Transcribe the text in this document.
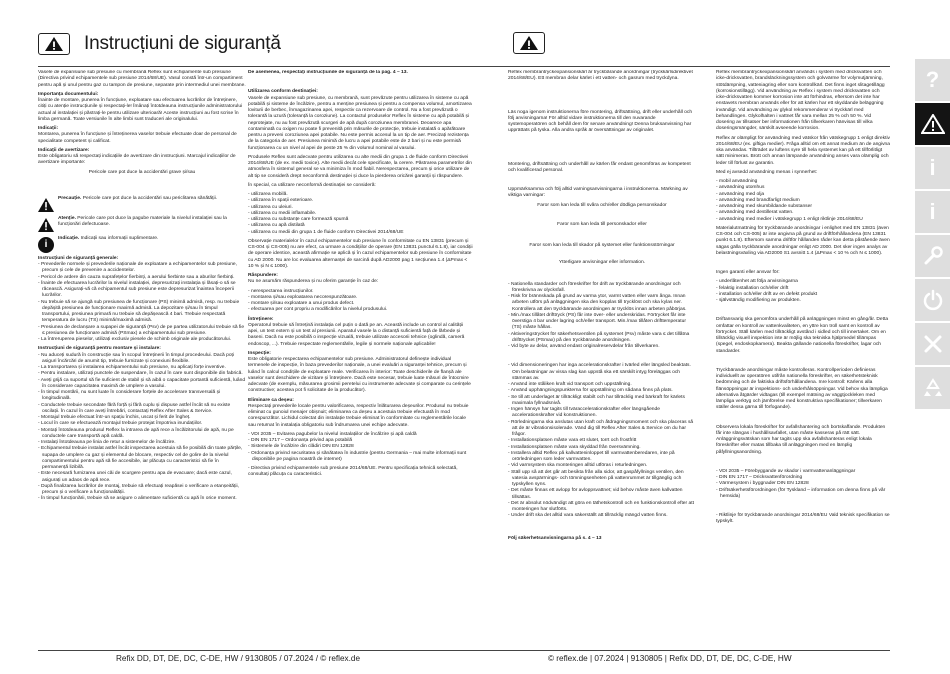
Instrucțiuni de siguranță

Vasele de expansiune sub presiune cu membrană Reflex sunt echipamente sub presiune (Directiva privind echipamentele sub presiune 2014/68/UE). Vasul constă într-un compartiment pentru apă și unul pentru gaz cu tampon de presiune, separate prin intermediul unei membrane.

Importanța documentului:

Înainte de montare, punerea în funcțiune, exploatare sau efectuarea lucrărilor de întreținere, citiți cu atenție instrucțiunile și respectați-le! Îmânați întotdeauna instrucțiunile administratorului actual al instalației și păstrați-le pentru utilizare ulterioară! Aceste instrucțiuni au fost scrise în limba germană. Toate versiunile în alte limbi sunt traduceri ale originalului.

Indicații:

Montarea, punerea în funcțiune și întreținerea vaselor trebuie efectuate doar de personal de specialitate competent și calificat.

Indicații de avertizare:

Este obligatoriu să respectați indicațiile de avertizare din instrucțiuni. Marcajul indicațiilor de avertizare importante:

Pericole care pot duce la accidentări grave și/sau

Precauție. Pericole care pot duce la accidentări sau periclitarea sănătății.
Atenție. Pericole care pot duce la pagube materiale la nivelul instalației sau la funcționări defectuoase.
i
Indicație. Indicații sau informații suplimentare.

Instrucțiuni de siguranță generale:

- Prevederile normele și prevederile naționale de exploatare a echipamentelor sub presiune, precum și cele de prevenire a accidentelor.
- Pericol de ardere din cauza suprafețelor fierbinți, a aerului fierbinte sau a aburilor fierbinți.
- Înainte de efectuarea lucrărilor la nivelul instalației, depresurizați instalația și lăsați-o să se răcească. Asigurați-vă că echipamentul sub presiune este depresurizat înaintea începerii lucrărilor.
- Nu trebuie să se ajungă sub presiunea de funcționare (PS) minimă admisă, resp. nu trebuie depășită presiunea de funcționare maximă admisă. La depozitare și/sau în timpul transportului, presiunea primară nu trebuie să depășească 4 bari. Trebuie respectată temperatura de lucru (TS) minimă/maximă admisă.
- Presiunea de declanșare a supapei de siguranță (Psv) de pe partea utilizatorului trebuie să fie ≤ presiunea de funcționare admisă (PSmax) a echipamentului sub presiune.
- La întreruperea pieselor, utilizați exclusiv piesele de schimb originale ale producătorului.

Instrucțiuni de siguranță pentru montare și instalare:

- Nu aduceți sudură în construcție sau în scopul întreținerii în timpul procedeului. Dacă poți asiguri încărcări de anumit tip, trebuie furnizate și conexiuni flexibile.
- La transportarea și instalarea echipamentului sub presiune, nu aplicați forțe inventive.
- Pentru instalare, utilizați punctele de suspendare, în cazul în care sunt disponibile din fabrică.
- Aveți grijă ca suportul să fie suficient de stabil și să aibă o capacitate portantă suficientă, luând în considerare capacitatea maximă de umplere a vasului.
- În timpul montării, nu sunt luate în considerare forțele de accelerare transversală și longitudinală.
- Conductele trebuie secondate fără forță și fără cuplu și dispuse astfel încât să nu existe oscilații. În cazul în care aveți întrebări, contactați Reflex After Sales & Service.
- Montajul trebuie efectuat într-un spațiu închis, uscat și ferit de îngheț.
- Locul în care se efectuează montajul trebuie protejat împotriva inundațiilor.
- Montați întotdeauna produsul Reflex la intrarea de apă rece a încălzitorului de apă, nu pe conductele care transportă apă caldă.
- Instalați întotdeauna pe linia de retur a sistemelor de încălzire.
- Echipamentul trebuie instalat astfel încât inspectarea acestuia să fie posibilă din toate părțile, supapa de umplere cu gaz și elementul de blocare, respectiv cel de golire de la nivelul compartimentului pentru apă să fie accesibile, iar plăcuța cu caracteristici să fie în permanență lizibilă.
- Este necesară furnizarea unei căi de scurgere pentru apa de evacuare; dacă este cazul, asigurați un adaos de apă rece.
- După finalizarea lucrărilor de montaj, trebuie să efectuați reapăsei o verificare a etanșeității, precum și o verificare a funcționalității.
- În timpul funcționării, trebuie să se asigure o alimentare suficientă cu apă în orice moment.

De asemenea, respectați instrucțiunile de siguranță de la pag. 4 – 13.

Utilizarea conform destinației:

Vasele de expansiune sub presiune, cu membrană, sunt prevăzute pentru utilizarea în sisteme cu apă potabilă și sisteme de încălzire, pentru a menține presiunea și pentru a compensa volumul, amortizarea loviturii de berbec, înmagazinarea apei, respectiv ca rezervoare de control. Nu a fost prevăzută o tolerantă la uzură (toleranță la coroziune). La contactul produselor Reflex în sisteme cu apă potabilă și neprotejate, nu au fost prevăzută scurgeri de apă după coroziunea membranei. Deoarece apa contaminată cu oxigen nu poate fi prevenită prin măsurile de protecție, trebuie instalată o apărătoare pentru a preveni coroziunea apei potabile. Nu este permis accesul la un tip de aer. Precizați rezistența de la categoria de aer. Presiunea minimă de lucru a apei potabile este de 2 bari și nu este permisă funcționarea cu un nivel al apei de peste 25 % din volumul nominal al vasului.

Produsele Reflex sunt adecvate pentru utilizarea cu alte medii din grupa 1 de fluide conform Directivei 2014/68/UE (de ex. medii toxice). Alte medii decât cele specificate, la cerere. Păstrarea parametrilor din atmosfera în sistemul general se va minimiza în mod fiabil. Nerespectarea, precum și orice utilizare de alt tip se consideră drept neconformă destinației și duce la pierderea oricărei garanții și răspundere.

În special, ca utilizare neconformă destinației se consideră:

- utilizarea mobilă.
- utilizarea în spații exterioare.
- utilizarea cu uleiuri.
- utilizarea cu medii inflamabile.
- utilizarea cu substanțe care formează spumă
- utilizarea cu apă distilată
- utilizarea cu medii din grupa 1 de fluide conform Directivei 2014/68/UE

Observație materialelor în cazul echipamentelor sub presiune în conformitate cu EN 13831 (precum și CS-004 și CS-005) nu are efect, ca urmare a condițiilor de operare (EN 13831 punctul 6.1.8), iar condiții de operare identice, această afirmație se aplică și în cazul echipamentelor sub presiune în conformitate cu AD 2000. Nu are loc evaluarea alternanței de sarcină după AD2000 pag 1 secțiunea 1.4 (ΔPmax < 10 % și N ≤ 1000).

Răspundere:

Nu ne asumăm răspunderea și nu oferim garanție în caz de:

- nerespectarea instrucțiunilor.
- montarea și/sau exploatarea necorespunzătoare.
- montare și/sau exploatare a unui produs defect.
- efectuarea per cont propriu a modificărilor la nivelul produsului.

Întreținere:

Operatorul trebuie să întrețină instalația cel puțin o dată pe an. Această include un control al calității apei, un test extern și un test al presiunii. Aparatul vasele la o distanță suficientă față de lărbede și baseni. Dacă nu este posibilă o inspecție vizuală, trebuie utilizate accesorii tehnice (oglindă, cameră endoscop, ...). Trebuie respectate reglementările, legile și normele naționale aplicabile!

Inspecție:

Este obligatorie respectarea echipamentelor sub presiune. Administratorul definește individual termenele de inspecție, în baza prevederilor naționale, a unei evaluări a siguranței tehnice, precum și luând în calcul condițiile de exploatare reale. Verificarea în interior: Toate deschiderile de flanșă ale vaselor sunt deschidere de vizitare și întreținere. Dacă este necesar, trebuie luate măsuri de întocmire adecvate (de exemplu, măsurarea grosimii peretelui cu instrumente adecvate și comparate cu cerințele constructive; acestea pot fi solicitate de la producător).

Eliminare ca deșeu:

Respectați prevederile locale pentru valorificarea, respectiv înlăturarea deșeurilor. Produsul nu trebuie eliminat cu gunoiul menajer obișnuit; eliminarea ca deșeu a acestuia trebuie efectuată în mod corespunzător. Lichidul colectat din instalație trebuie eliminat în conformitate cu reglementările locale sau returnat în instalația obligatoriu sub îndrumarea unei echipe adecvate.

- VDI 2035 – Evitarea pagubelor la nivelul instalațiilor de încălzire și apă caldă
- DIN EN 1717 – Ordonanța privind apa potabilă
- Sistemele de încălzire din clădiri DIN EN 12828
- Ordonanța privind securitatea și sănătatea în industrie (pentru Germania – mai multe informații sunt disponibile pe pagina noastră de internet)

- Directiva privind echipamentele sub presiune 2014/68/UE. Pentru specificația tehnică selectată, consultați plăcuța cu caracteristici.

Reflex membrantryckexpansionskärl är tryckbärande anordningar (tryckkärlsdirektivet 2014/68/EU). Ett membran delar kärlet i ett vatten- och gasrum med tryckdyna.

Läs noga igenom instruktionerna före montering, driftsättning, drift eller underhåll och följ anvisningarna! För alltid vidare instruktionerna till den nuvarande systemoperatören och behåll dem för senare användning! Denna bruksanvisning har upprättats på tyska. Alla andra språk är översättningar av originalet.

Montering, driftsättning och underhåll av kärlen får endast genomföras av kompetent och kvalificerad personal.

Uppmärksamma och följ alltid varningsanvisningarna i instruktionerna. Märkning av viktiga varningar:

Faror som kan leda till svåra och/eller dödliga personskador

Faror som kan leda till personskador eller

Faror som kan leda till skador på systemet eller funktionsstörningar

Ytterligare anvisningar eller information.

- Nationella standarder och föreskrifter för drift av tryckbärande anordningar och föreskrivna av olycksfall.
- Risk för brännskada på grund av varma ytor, varmt vatten eller varm ånga. Innan arbeten utförs på anläggningen ska den kopplas till trycklöst och ska kylas ner. Kontrollera att den tryckbärande anordningen är trycklös innan arbeten påbörjas.
- Min./max tillåtet drifttryck (PS) får inte över- eller underskridas. Förtrycket får inte överstiga 4 bar under lagring och/eller transport. Min./max tillåten drifttemperatur (TS) måste hållas.
- Aktiveringstrycket för säkerhetsventilen på systemet (Psv) måste vara ≤ det tillåtna drifttrycket (PSmax) på den tryckbärande anordningen.
- Vid byte av delar, använd endast originalreservdelar från tillverkaren.
- Vid dimensioneringen har inga accelerationskrafter i tvärled eller längsled beaktats. Om belastningar av vissa slag kan uppstå ska ett särskilt intyg föreläggas och stämmas av.
- Använd inte ståliken kraft vid transport och uppställning.
- Använd upphängningspunkterna för uppställning om sådana finns på plats.
- Se till att underlaget är tillräckligt stabilt och har tillräcklig med bärkraft för kärlets maximala fyllnadsnivå.
- Ingen hänsyn har tagits till tväraccelerationskrafter eller längsgående accelerationskrafter vid konstruktionen.
- Rörledningarna ska anslutas utan kraft och åtdragningsmoment och ska placeras så att de är vibrationsisolerade. Vänd dig till Reflex After Sales & Service om du har frågor.
- Installationsplatsen måste vara ett slutet, torrt och frostfritt
- Installationsplatsen måste vara skyddad från översvämning.
- Installera alltid Reflex på kallvatteninloppet till varmvattenberedaren, inte på orörledningen som leder varmvatten.
- Vid varmsystem ska monteringen alltid utföras i returledningen.
- Ställ upp så att det går att besikta från alla sidor, att gaspåfyllnings ventilen, den vatesia avspärrnings- och tömningsenheten på vattenrummet är tillgänglig och typskyllen syns.
- Det måste finnas ett avlopp för avloppsvattnet; vid behov måste även kallvatten tillsättas.
- Det är absolut nödvändigt att göra en täthetskontroll och en funktionskontroll efter att monteringen har slutförts.
- Under drift ska det alltid vara säkerställt att tillräcklig mängd vatten finns.

Följ säkerhetsanvisningarna på s. 4 – 13

Reflex membrantryckexpansionskärl används i system med dricksvatten och icke-dricksvatten, brandsläckningssystem och golvvärme för volymutjämning, stötdämpning, vatteniagring eller som kontrollkärl. Det finns inget slitagetillägg (korrosionstillägg). Vid användning av Reflex i system med dricksvatten och icke-dricksvatten kommer korrosion inte att förhindras, eftersom det inte har enstavets membran används eller för att kärlen har ett skyddande beläggning invändigt. Vid användning av glykol rekommenderar vi tryckkärl med behandlingen. Glykolhalten i vattnet får vara mellan 25 % och 50 %. Vid dosering av tillsatser ber informationen från tillverkaren hänvisas till vilka doseringsmängder, särskilt avseende korrosion.

Reflex är olämpligt för användning med vätskor från vätskegrupp 1 enligt direktiv 2014/68/EU (ex. giftiga medier). Fråga alltid om ett annat medium än de angivna ska användas. Tillträdet av luftens syre till hela systemet kan på ett tillförlitligt sätt minimeras. Brott och annan lämpande användning anses vara olämplig och leder till förlust av garantin.

Med ej avsedd användning menas i synnerhet:

- mobil användning
- användning utomhus
- användning med olja
- användning med brandfarligt medium
- användning med skumbildande substanser
- användning med destillerat vatten.
- användning med medier i vätskegrupp 1 enligt riktlinje 2014/68/EU

Materialutmattning för tryckbärande anordningar i enlighet med EN 13831 (även CS-004 och CS-005) är inte angivna på grund av driftförhållandena (EN 13831 punkt 6.1.8). Eftersom samma driftför hållanden råder kan detta påstående även sägas gälla tryckbärande anordningar enligt AD 2000. Det sker ingen analys av belastningsväxling via AD2000 S1 avsnitt 1.4 (ΔPmax < 10 % och N ≤ 1000).

Ingen garanti eller ansvar för:

- underlåtenhet att följa anvisningarna
- felaktig installation och/eller drift
- installation och/eller drift av en defekt produkt
- självständig modifiering av produkten.

Driftansvarig ska genomföra underhåll på anläggningen minst en gång/år. Detta omfattar en kontroll av vattenkvaliteten, en yttre kon troll samt en kontroll av förtrycket. Ställ kärlen med tillräckligt avstånd i sidled och till innertaket. Om en tillräcklig visuell inspektion inte är möjlig ska tekniska hjälpmedel tillämpas (spegel, endoskopkamera). Beakta gällande nationella föreskrifter, lagar och standarder.

Tryckbärande anordningar måste kontrolleras. Kontrollperioden definieras individuellt av operatören utifrån nationella föreskrifter, en säkerhetsteknisk bedömning och de faktiska driftsförhållandena. Inre kontroll: Kärlens alla flänsöppningar är inspektions- och underhålsöppningar. Vid behov ska lämpliga alternativa åtgärder vidtagas (till exempel mätning av väggtjockleken med lämpliga verktyg och jämförelse med konstruktiva specifikationer; tillverkaren ställer dessa gärna till förfogande).

Observera lokala föreskrifter för avfallshantering och bortskaffande. Produkten får inte slängas i hushållsavfallet, utan måste kasseras på rätt sätt. Anläggningsvätskan som har tagits upp ska avfallshanteras enligt lokala föreskrifter eller matas tillbaka till anläggningen med en lämplig påfyllningsanordning.

- VDI 2035 – Förebyggande av skador i varmvattenanläggningar
- DIN EN 1717 – Dricksvattenförordning
- Värmesystem i byggnader DIN EN 12828
- Driftsäkerhetsförordningen (för Tyskland – information om denna finns på vår hemsida)

- Riktlinje för tryckbärande anordningar 2014/68/EU Vald teknisk specifikation se typskylt.

Refix DD, DT, DE, DC, C-DE, HW / 9130805 / 07.2024 / © reflex.de	© reflex.de | 07.2024 | 9130805 | Refix DD, DT, DE, DC, C-DE, HW
?
i
i
